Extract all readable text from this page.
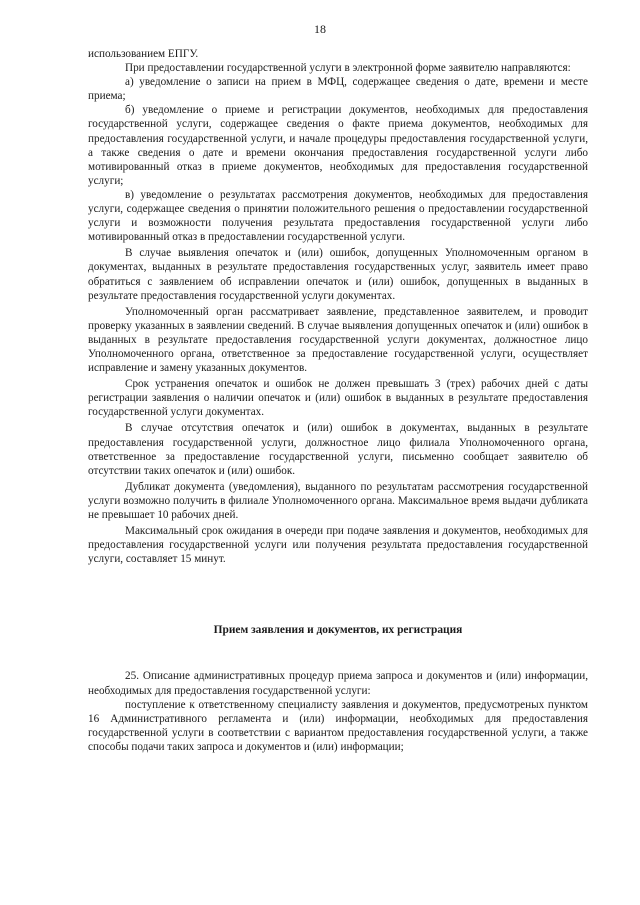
18

использованием ЕПГУ.

При предоставлении государственной услуги в электронной форме заявителю направляются:

а) уведомление о записи на прием в МФЦ, содержащее сведения о дате, времени и месте приема;

б) уведомление о приеме и регистрации документов, необходимых для предоставления государственной услуги, содержащее сведения о факте приема документов, необходимых для предоставления государственной услуги, и начале процедуры предоставления государственной услуги, а также сведения о дате и времени окончания предоставления государственной услуги либо мотивированный отказ в приеме документов, необходимых для предоставления государственной услуги;

в) уведомление о результатах рассмотрения документов, необходимых для предоставления услуги, содержащее сведения о принятии положительного решения о предоставлении государственной услуги и возможности получения результата предоставления государственной услуги либо мотивированный отказ в предоставлении государственной услуги.

В случае выявления опечаток и (или) ошибок, допущенных Уполномоченным органом в документах, выданных в результате предоставления государственных услуг, заявитель имеет право обратиться с заявлением об исправлении опечаток и (или) ошибок, допущенных в выданных в результате предоставления государственной услуги документах.

Уполномоченный орган рассматривает заявление, представленное заявителем, и проводит проверку указанных в заявлении сведений. В случае выявления допущенных опечаток и (или) ошибок в выданных в результате предоставления государственной услуги документах, должностное лицо Уполномоченного органа, ответственное за предоставление государственной услуги, осуществляет исправление и замену указанных документов.

Срок устранения опечаток и ошибок не должен превышать 3 (трех) рабочих дней с даты регистрации заявления о наличии опечаток и (или) ошибок в выданных в результате предоставления государственной услуги документах.

В случае отсутствия опечаток и (или) ошибок в документах, выданных в результате предоставления государственной услуги, должностное лицо филиала Уполномоченного органа, ответственное за предоставление государственной услуги, письменно сообщает заявителю об отсутствии таких опечаток и (или) ошибок.

Дубликат документа (уведомления), выданного по результатам рассмотрения государственной услуги возможно получить в филиале Уполномоченного органа. Максимальное время выдачи дубликата не превышает 10 рабочих дней.

Максимальный срок ожидания в очереди при подаче заявления и документов, необходимых для предоставления государственной услуги или получения результата предоставления государственной услуги, составляет 15 минут.

Прием заявления и документов, их регистрация

25. Описание административных процедур приема запроса и документов и (или) информации, необходимых для предоставления государственной услуги:

поступление к ответственному специалисту заявления и документов, предусмотреных пунктом 16 Административного регламента и (или) информации, необходимых для предоставления государственной услуги в соответствии с вариантом предоставления государственной услуги, а также способы подачи таких запроса и документов и (или) информации;
